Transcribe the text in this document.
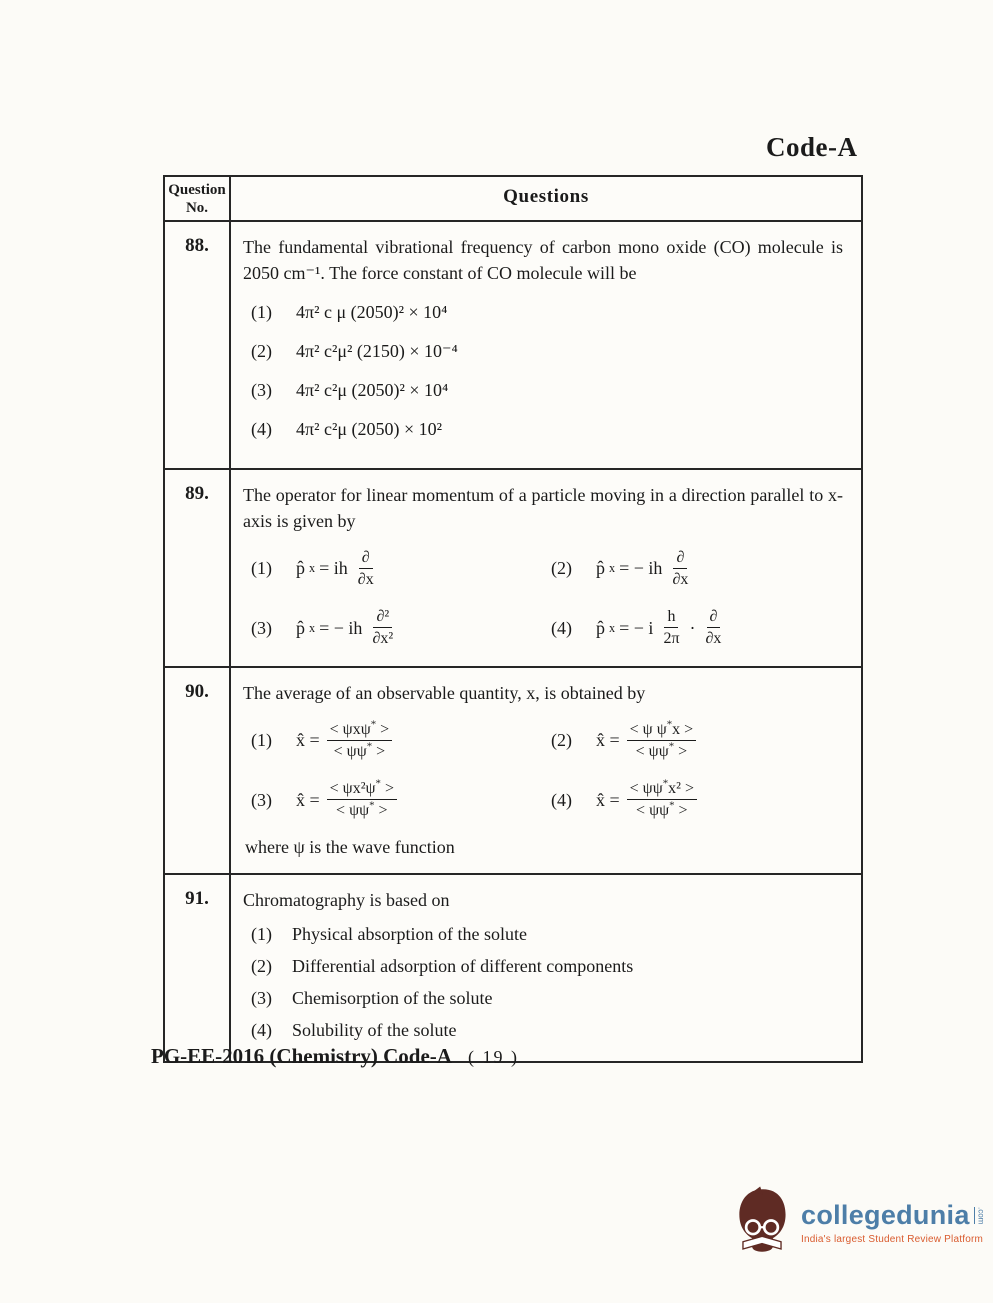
Code-A
Question
No.
Questions
88.	The fundamental vibrational frequency of carbon mono oxide (CO) molecule is 2050 cm⁻¹. The force constant of CO molecule will be

(1) 4π² c μ (2050)² × 10⁴
(2) 4π² c²μ² (2150) × 10⁻⁴
(3) 4π² c²μ (2050)² × 10⁴
(4) 4π² c²μ (2050) × 10²
89.	The operator for linear momentum of a particle moving in a direction parallel to x-axis is given by

(1) p̂ x = ih $\frac{\partial}{\partial x}$	(2) p̂ x = − ih $\frac{\partial}{\partial x}$
(3) p̂ x = − ih $\frac{\text{∂²}}{\text{∂x²}}$	(4) p̂ x = − i $\frac{h}{2\pi} \cdot \frac{\partial}{\partial x}$
90.	The average of an observable quantity, x, is obtained by

(1) x̂ = $\frac{< \psi x\psi^* >}{< \psi\psi^* >}$	(2) x̂ = $\frac{< \psi \psi^*x >}{< \psi\psi^* >}$
(3) x̂ = $\frac{< \psi x^2\psi^* >}{< \psi\psi^* >}$	(4) x̂ = $\frac{< \psi\psi^*x^2 >}{< \psi\psi^* >}$

where ψ is the wave function

91.	Chromatography is based on

(1) Physical absorption of the solute
(2) Differential adsorption of different components
(3) Chemisorption of the solute
(4) Solubility of the solute
PG-EE-2016 (Chemistry) Code-A ( 19 )
collegedunia .com
India's largest Student Review Platform
